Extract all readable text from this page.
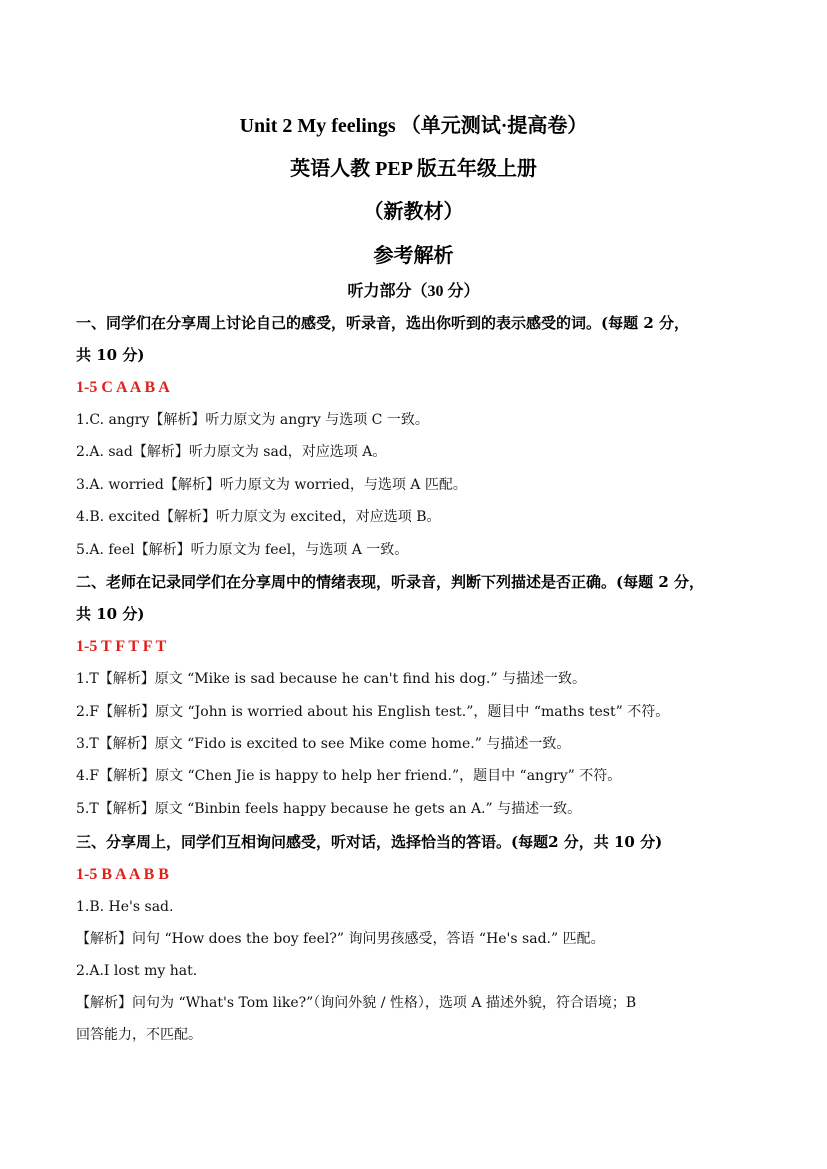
Unit 2 My feelings （单元测试·提高卷）
英语人教 PEP 版五年级上册
（新教材）
参考解析
听力部分（30 分）
一、同学们在分享周上讨论自己的感受，听录音，选出你听到的表示感受的词。(每题 2 分，
共 10 分)
1-5 C A A B A
1.C. angry【解析】听力原文为 angry 与选项 C 一致。
2.A. sad【解析】听力原文为 sad，对应选项 A。
3.A. worried【解析】听力原文为 worried，与选项 A 匹配。
4.B. excited【解析】听力原文为 excited，对应选项 B。
5.A. feel【解析】听力原文为 feel，与选项 A 一致。
二、老师在记录同学们在分享周中的情绪表现，听录音，判断下列描述是否正确。(每题 2 分，
共 10 分)
1-5 T F T F T
1.T【解析】原文 “Mike is sad because he can't find his dog.” 与描述一致。
2.F【解析】原文 “John is worried about his English test.”，题目中 “maths test” 不符。
3.T【解析】原文 “Fido is excited to see Mike come home.” 与描述一致。
4.F【解析】原文 “Chen Jie is happy to help her friend.”，题目中 “angry” 不符。
5.T【解析】原文 “Binbin feels happy because he gets an A.” 与描述一致。
三、分享周上，同学们互相询问感受，听对话，选择恰当的答语。(每题2 分，共 10 分)
1-5 B A A B B
1.B. He's sad.
【解析】问句 “How does the boy feel?” 询问男孩感受，答语 “He's sad.” 匹配。
2.A.I lost my hat.
【解析】问句为 “What's Tom like?”（询问外貌 / 性格），选项 A 描述外貌，符合语境；B
回答能力，不匹配。
